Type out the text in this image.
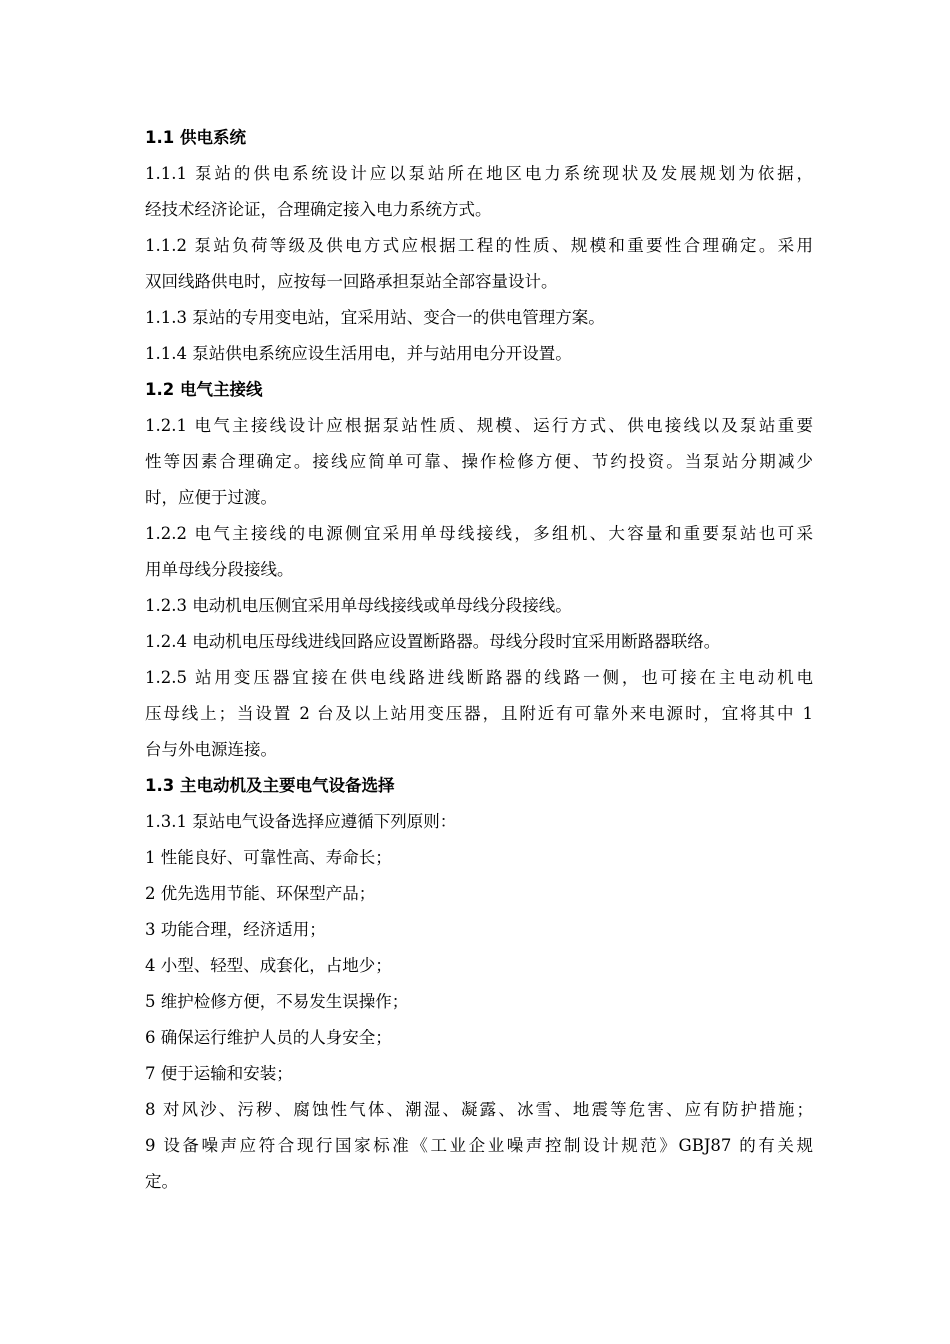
1.1 供电系统

1.1.1 泵站的供电系统设计应以泵站所在地区电力系统现状及发展规划为依据，

经技术经济论证，合理确定接入电力系统方式。

1.1.2 泵站负荷等级及供电方式应根据工程的性质、规模和重要性合理确定。采用

双回线路供电时，应按每一回路承担泵站全部容量设计。

1.1.3 泵站的专用变电站，宜采用站、变合一的供电管理方案。

1.1.4 泵站供电系统应设生活用电，并与站用电分开设置。

1.2 电气主接线

1.2.1 电气主接线设计应根据泵站性质、规模、运行方式、供电接线以及泵站重要

性等因素合理确定。接线应简单可靠、操作检修方便、节约投资。当泵站分期减少

时，应便于过渡。

1.2.2 电气主接线的电源侧宜采用单母线接线，多组机、大容量和重要泵站也可采

用单母线分段接线。

1.2.3 电动机电压侧宜采用单母线接线或单母线分段接线。

1.2.4 电动机电压母线进线回路应设置断路器。母线分段时宜采用断路器联络。

1.2.5 站用变压器宜接在供电线路进线断路器的线路一侧，也可接在主电动机电

压母线上；当设置 2 台及以上站用变压器，且附近有可靠外来电源时，宜将其中 1

台与外电源连接。

1.3 主电动机及主要电气设备选择

1.3.1 泵站电气设备选择应遵循下列原则：

1 性能良好、可靠性高、寿命长；

2 优先选用节能、环保型产品；

3 功能合理，经济适用；

4 小型、轻型、成套化，占地少；

5 维护检修方便，不易发生误操作；

6 确保运行维护人员的人身安全；

7 便于运输和安装；

8 对风沙、污秽、腐蚀性气体、潮湿、凝露、冰雪、地震等危害、应有防护措施；

9 设备噪声应符合现行国家标准《工业企业噪声控制设计规范》GBJ87 的有关规

定。
